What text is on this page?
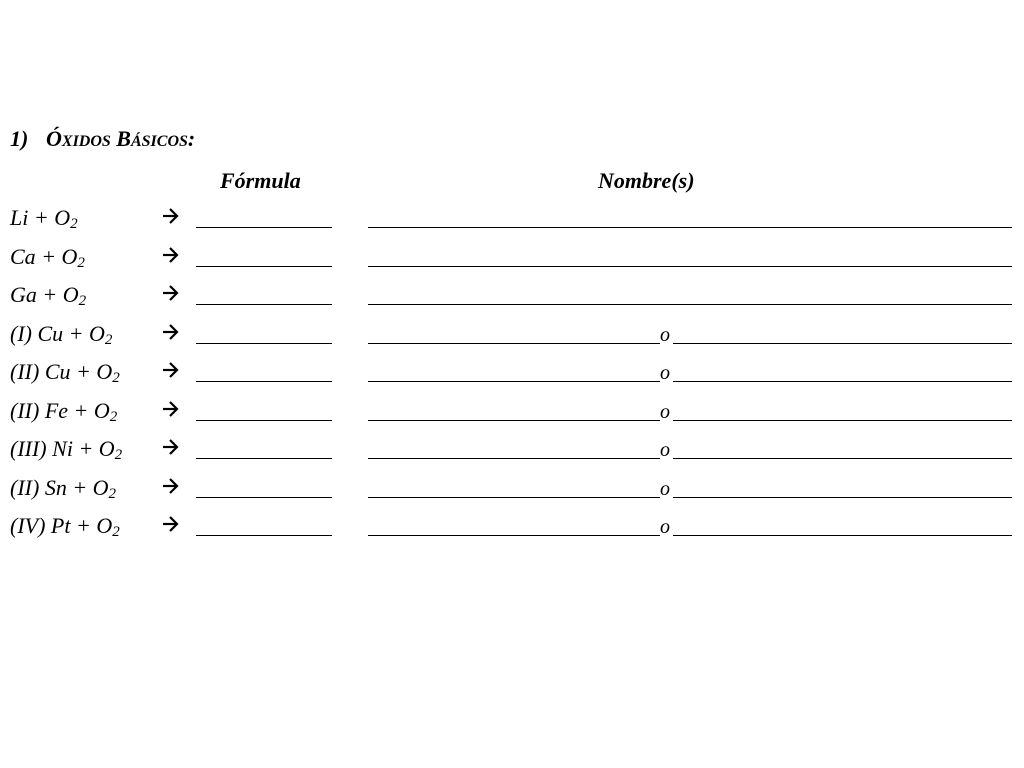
1) ÓXIDOS BÁSICOS:
Fórmula	Nombre(s)
$Li + O_2$
$Ca + O_2$
$Ga + O_2$
(I) $Cu + O_2$	o
(II) $Cu + O_2$	o
(II) $Fe + O_2$	o
(III) $Ni + O_2$	o
(II) $Sn + O_2$	o
(IV) $Pt + O_2$	o
